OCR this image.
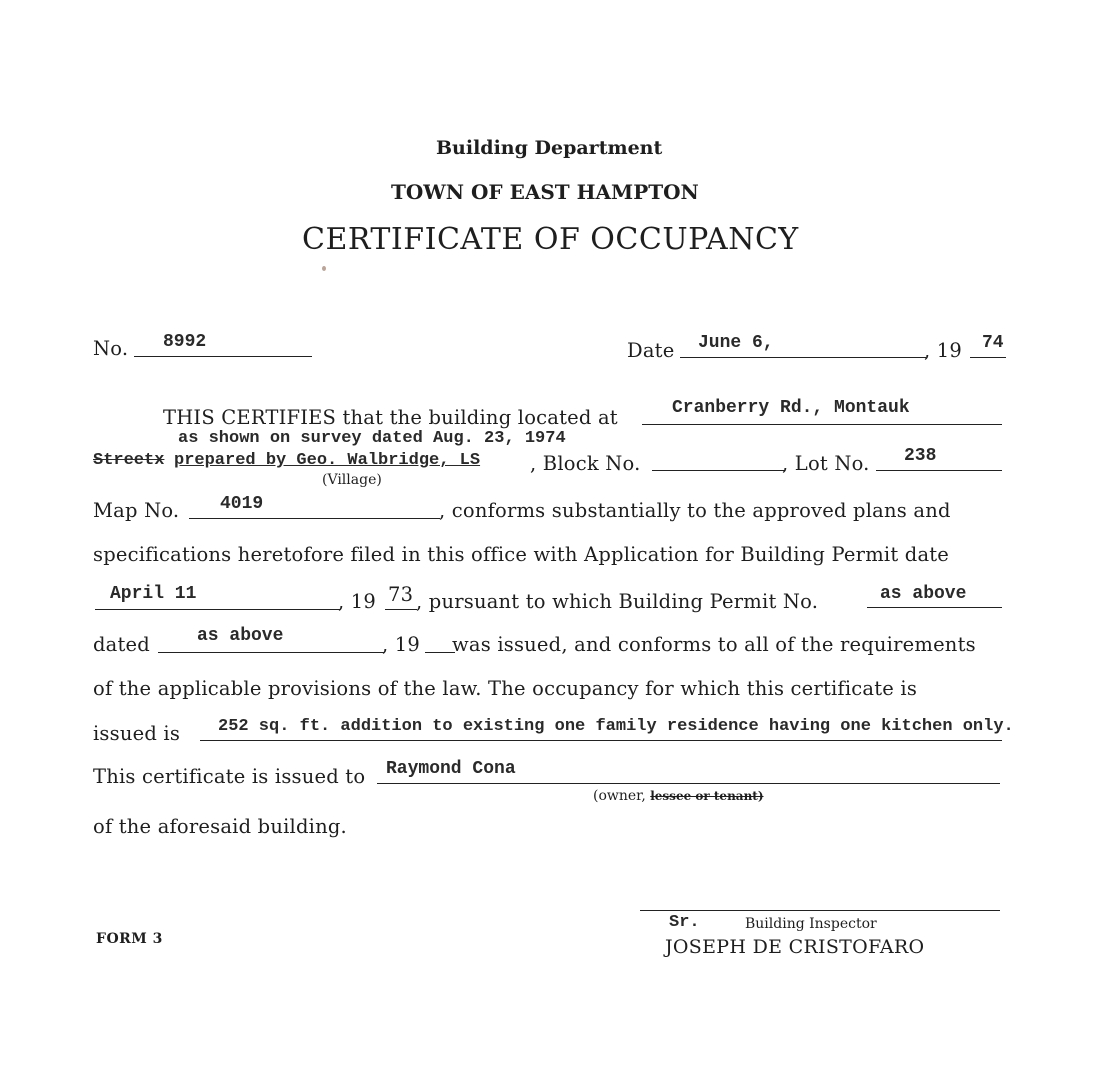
Building Department
TOWN OF EAST HAMPTON
CERTIFICATE OF OCCUPANCY
No. 8992	Date June 6,	, 19 74
THIS CERTIFIES that the building located at	Cranberry Rd., Montauk
as shown on survey dated Aug. 23, 1974
Streetx prepared by Geo. Walbridge, LS
(Village)
, Block No.	, Lot No. 238
Map No. 4019	, conforms substantially to the approved plans and
specifications heretofore filed in this office with Application for Building Permit date
April 11	, 19 73 , pursuant to which Building Permit No.	as above
dated	as above	, 19 was issued, and conforms to all of the requirements
of the applicable provisions of the law. The occupancy for which this certificate is
issued is 252 sq. ft. addition to existing one family residence having one kitchen only.
This certificate is issued to Raymond Cona
(owner, lessee or tenant)
of the aforesaid building.
FORM 3
Sr.	Building Inspector
JOSEPH DE CRISTOFARO
